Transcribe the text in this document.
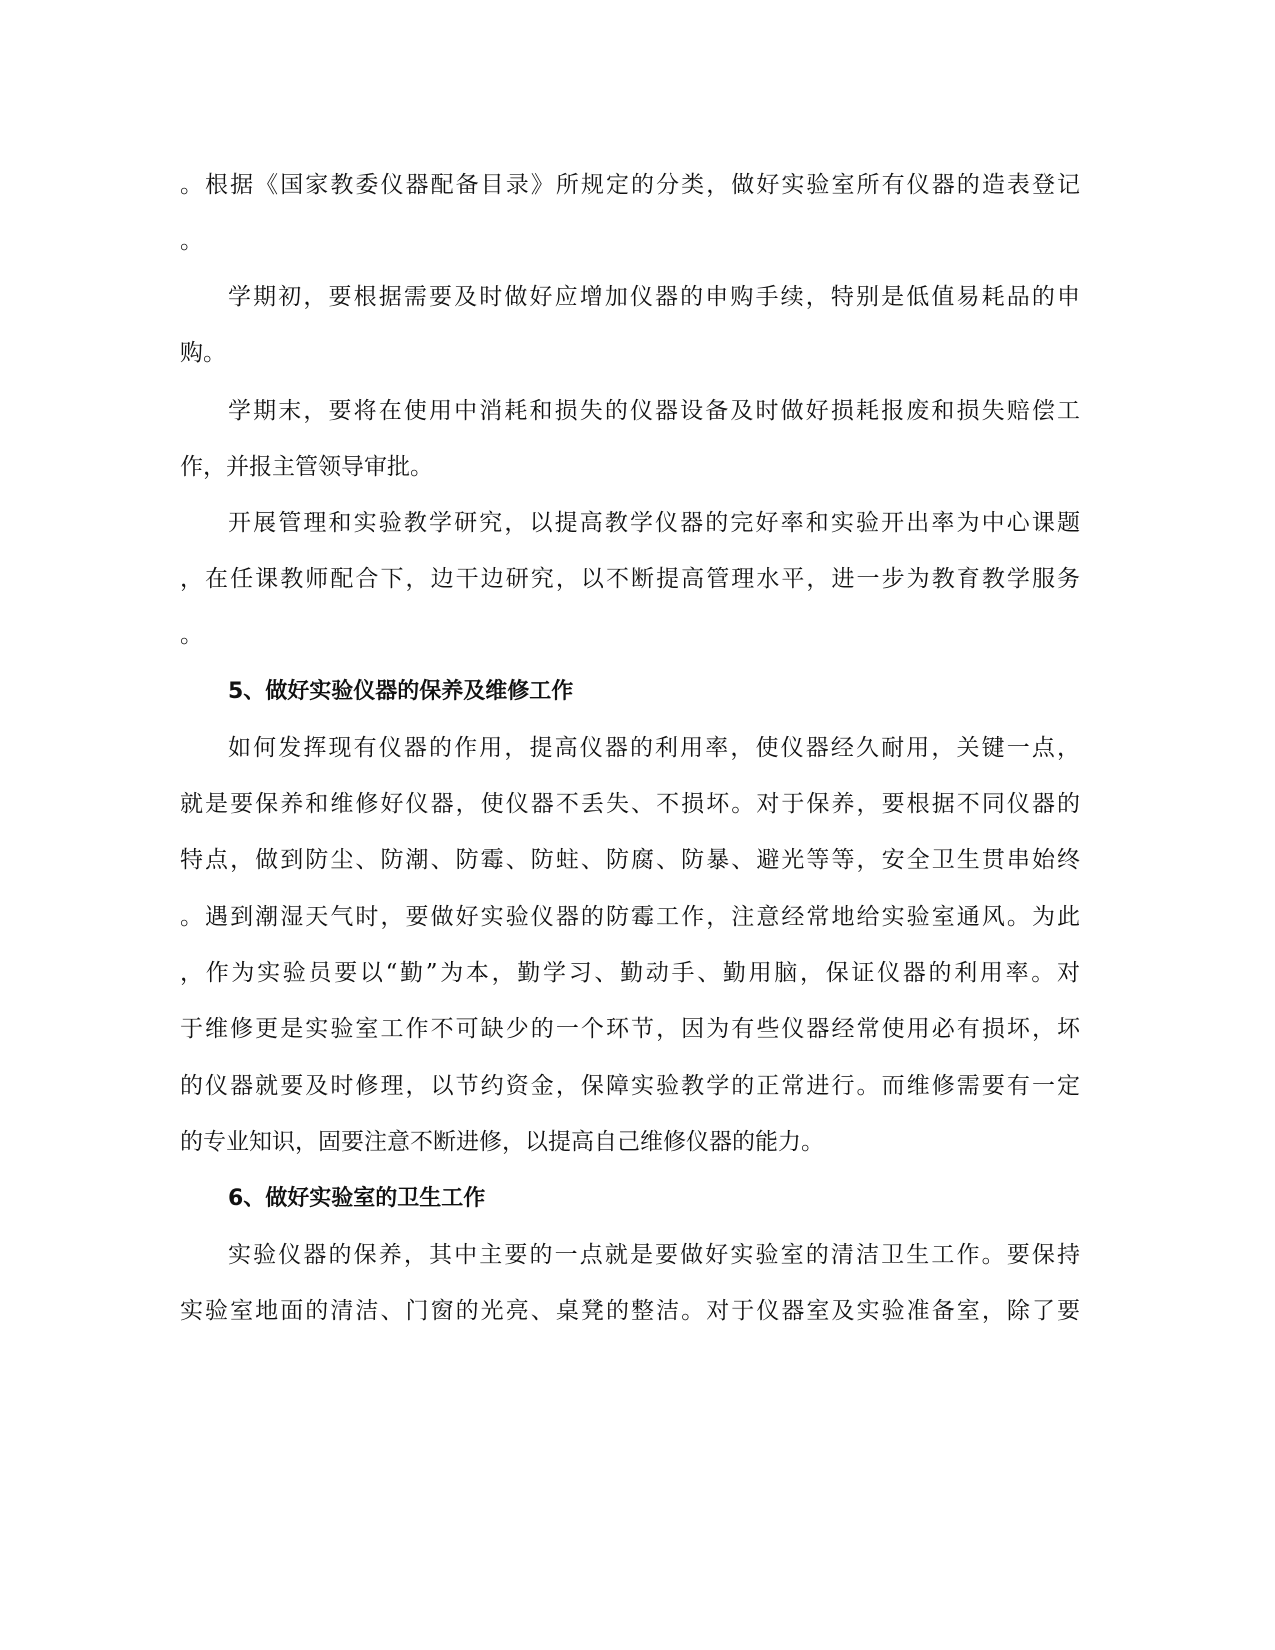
。根据《国家教委仪器配备目录》所规定的分类，做好实验室所有仪器的造表登记
。
学期初，要根据需要及时做好应增加仪器的申购手续，特别是低值易耗品的申
购。
学期末，要将在使用中消耗和损失的仪器设备及时做好损耗报废和损失赔偿工
作，并报主管领导审批。
开展管理和实验教学研究，以提高教学仪器的完好率和实验开出率为中心课题
，在任课教师配合下，边干边研究，以不断提高管理水平，进一步为教育教学服务
。
5、做好实验仪器的保养及维修工作
如何发挥现有仪器的作用，提高仪器的利用率，使仪器经久耐用，关键一点，
就是要保养和维修好仪器，使仪器不丢失、不损坏。对于保养，要根据不同仪器的
特点，做到防尘、防潮、防霉、防蛀、防腐、防暴、避光等等，安全卫生贯串始终
。遇到潮湿天气时，要做好实验仪器的防霉工作，注意经常地给实验室通风。为此
，作为实验员要以“勤”为本，勤学习、勤动手、勤用脑，保证仪器的利用率。对
于维修更是实验室工作不可缺少的一个环节，因为有些仪器经常使用必有损坏，坏
的仪器就要及时修理，以节约资金，保障实验教学的正常进行。而维修需要有一定
的专业知识，固要注意不断进修，以提高自己维修仪器的能力。
6、做好实验室的卫生工作
实验仪器的保养，其中主要的一点就是要做好实验室的清洁卫生工作。要保持
实验室地面的清洁、门窗的光亮、桌凳的整洁。对于仪器室及实验准备室，除了要
